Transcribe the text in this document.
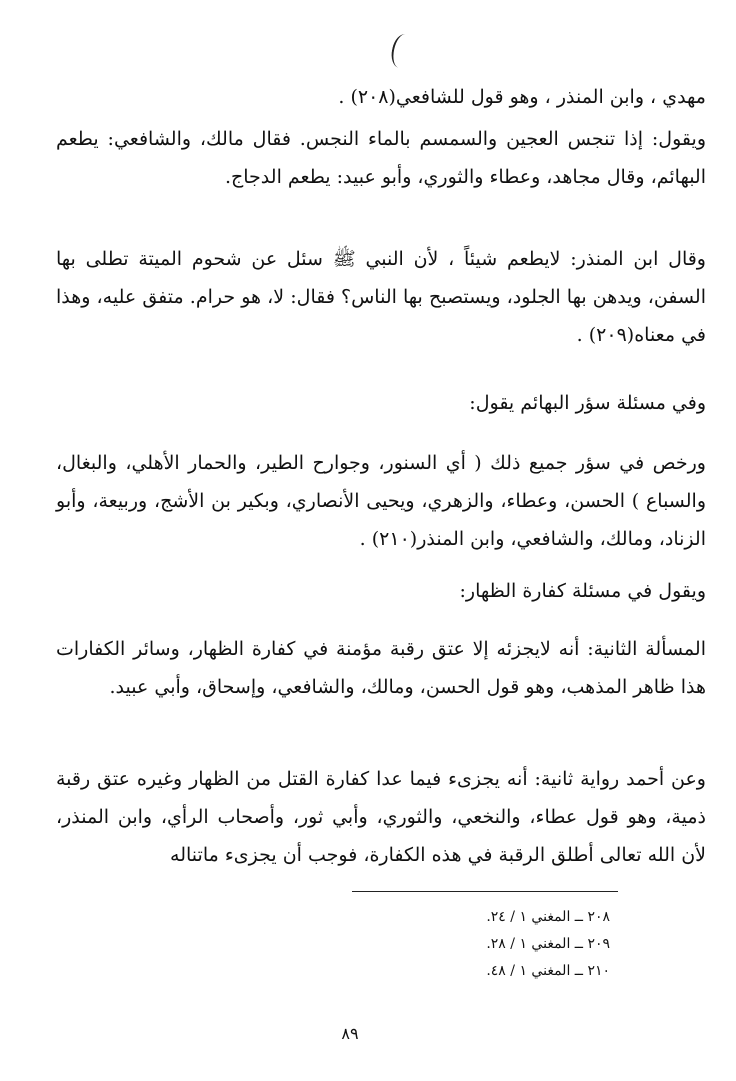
مهدي ، وابن المنذر ، وهو قول للشافعي(٢٠٨) .

ويقول: إذا تنجس العجين والسمسم بالماء النجس. فقال مالك، والشافعي: يطعم البهائم، وقال مجاهد، وعطاء والثوري، وأبو عبيد: يطعم الدجاج.

وقال ابن المنذر: لايطعم شيئاً ، لأن النبي ﷺ سئل عن شحوم الميتة تطلى بها السفن، ويدهن بها الجلود، ويستصبح بها الناس؟ فقال: لا، هو حرام. متفق عليه، وهذا في معناه(٢٠٩) .

وفي مسئلة سؤر البهائم يقول:

ورخص في سؤر جميع ذلك ( أي السنور، وجوارح الطير، والحمار الأهلي، والبغال، والسباع ) الحسن، وعطاء، والزهري، ويحيى الأنصاري، وبكير بن الأشج، وربيعة، وأبو الزناد، ومالك، والشافعي، وابن المنذر(٢١٠) .

ويقول في مسئلة كفارة الظهار:

المسألة الثانية: أنه لايجزئه إلا عتق رقبة مؤمنة في كفارة الظهار، وسائر الكفارات هذا ظاهر المذهب، وهو قول الحسن، ومالك، والشافعي، وإسحاق، وأبي عبيد.

وعن أحمد رواية ثانية: أنه يجزىء فيما عدا كفارة القتل من الظهار وغيره عتق رقبة ذمية، وهو قول عطاء، والنخعي، والثوري، وأبي ثور، وأصحاب الرأي، وابن المنذر، لأن الله تعالى أطلق الرقبة في هذه الكفارة، فوجب أن يجزىء ماتناله

٢٠٨ ــ المغني ١ / ٢٤.
٢٠٩ ــ المغني ١ / ٢٨.
٢١٠ ــ المغني ١ / ٤٨.
٨٩
